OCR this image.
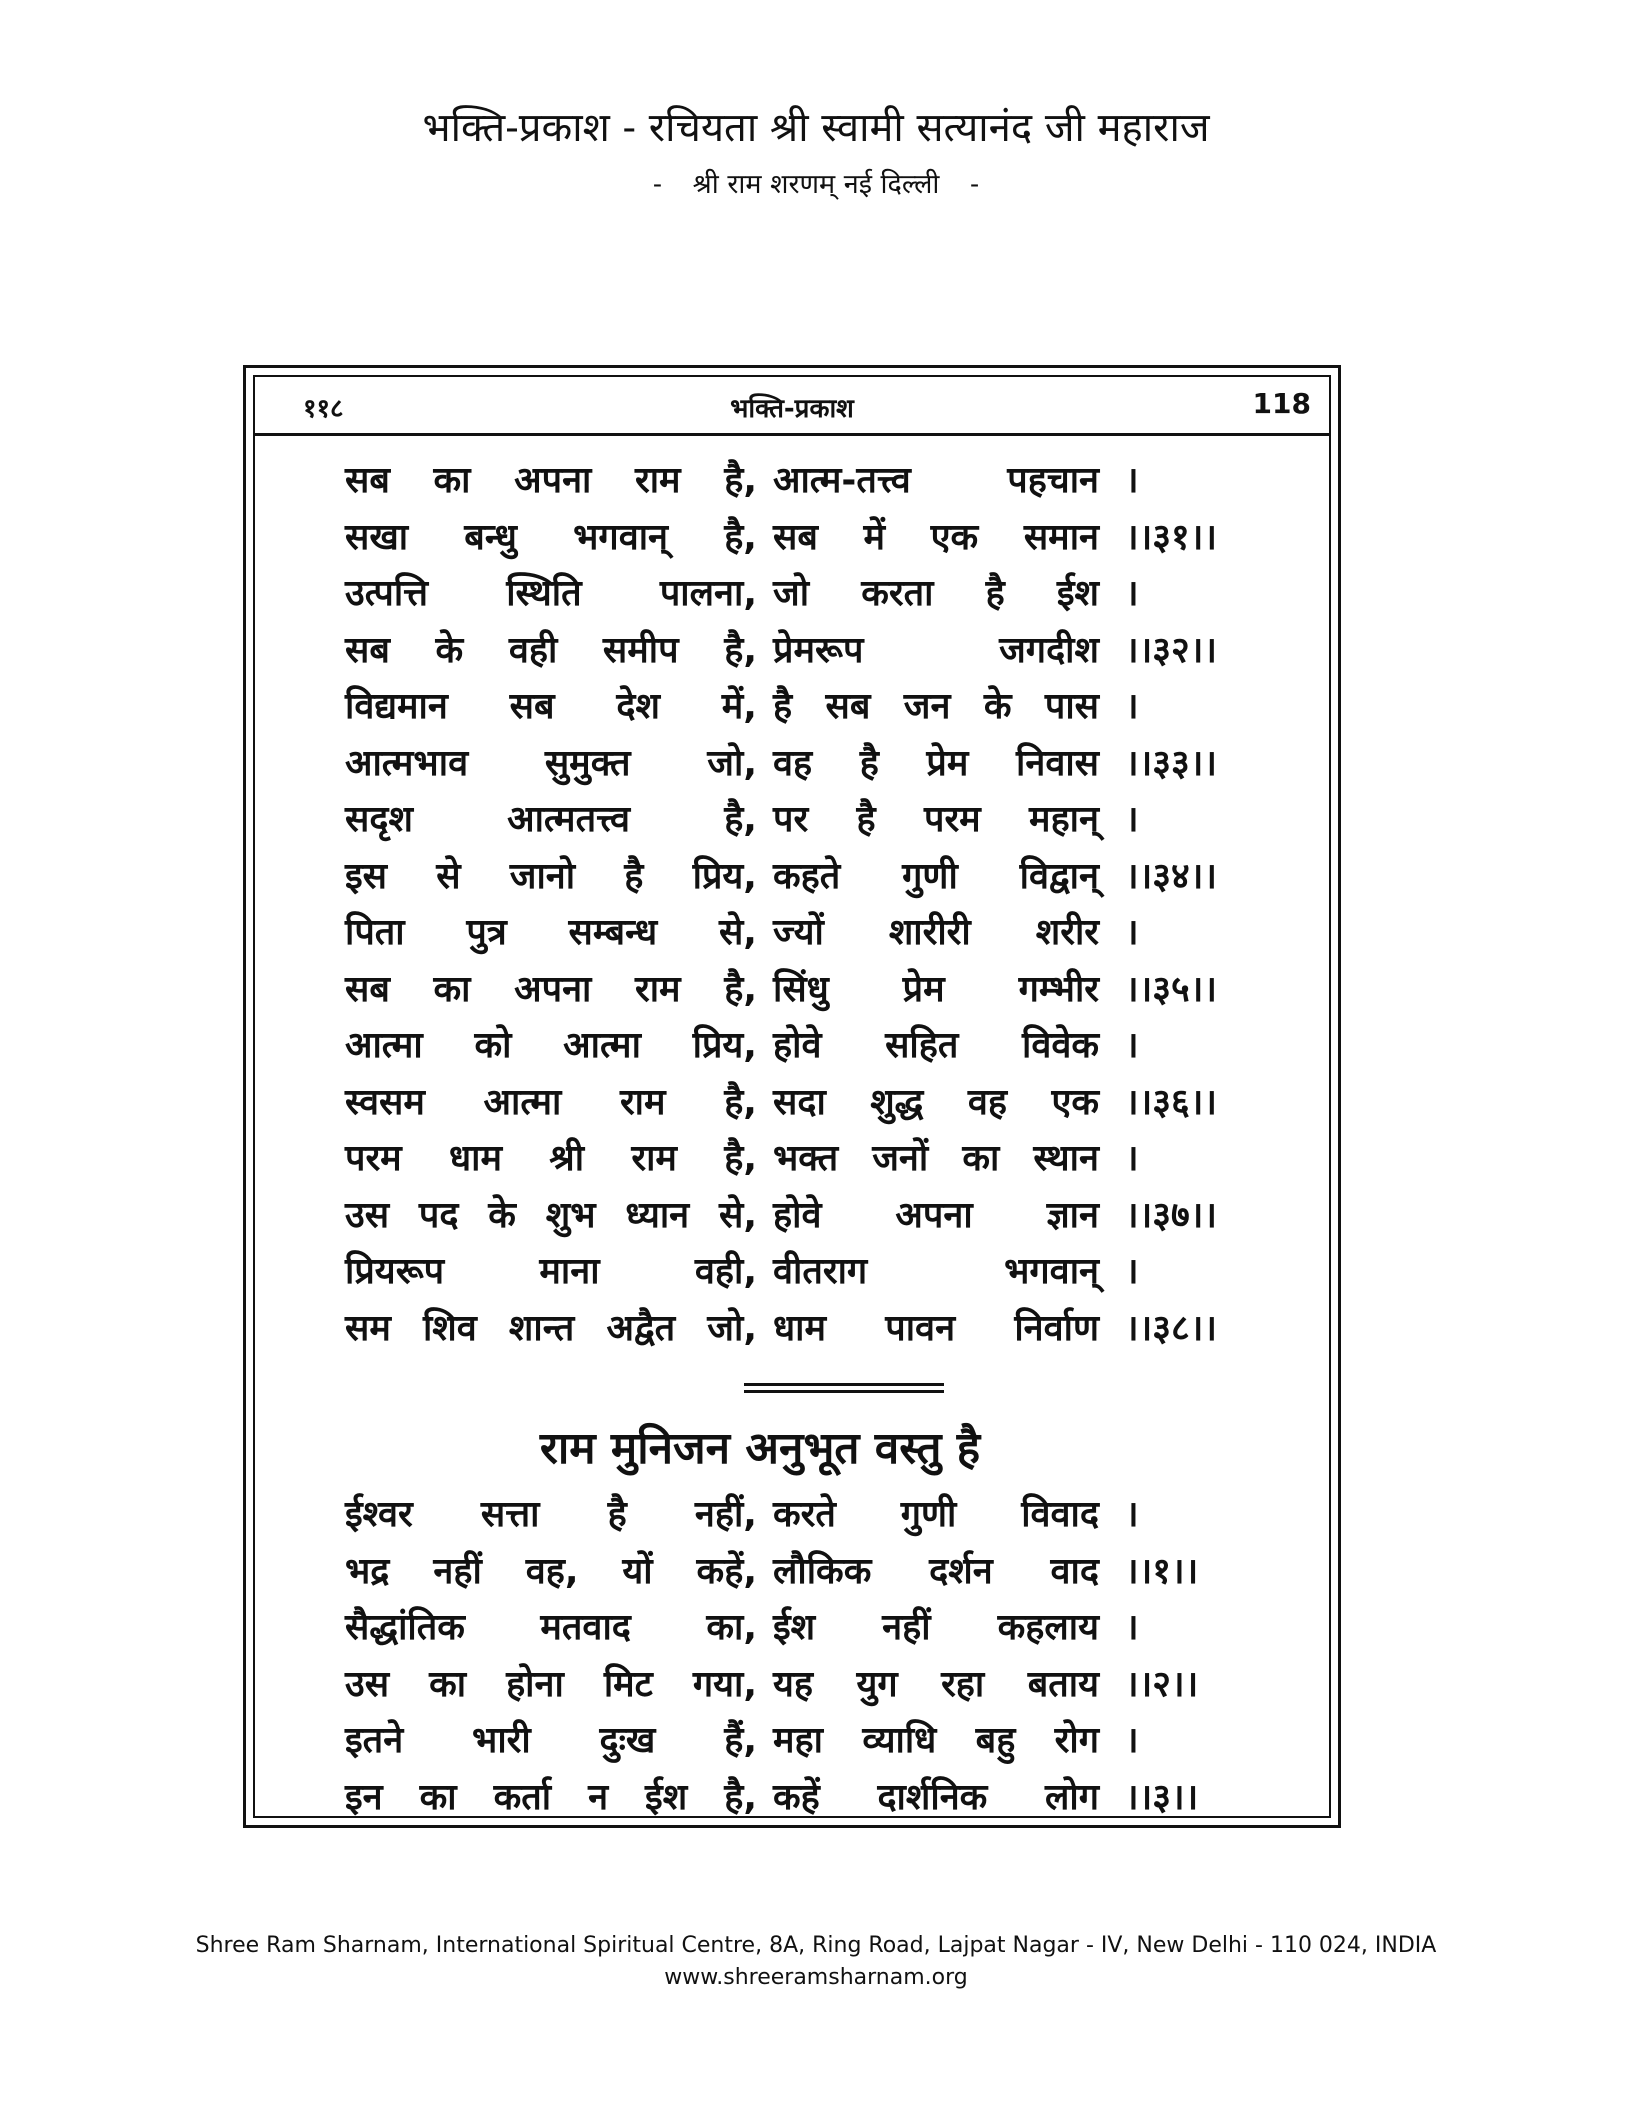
भक्ति-प्रकाश - रचियता श्री स्वामी सत्यानंद जी महाराज
- श्री राम शरणम् नई दिल्ली -
११८	भक्ति-प्रकाश	118
सब का अपना राम है, आत्म-तत्त्व पहचान ।
सखा बन्धु भगवान् है, सब में एक समान ।।३१।।
उत्पत्ति स्थिति पालना, जो करता है ईश ।
सब के वही समीप है, प्रेमरूप जगदीश ।।३२।।
विद्यमान सब देश में, है सब जन के पास ।
आत्मभाव सुमुक्त जो, वह है प्रेम निवास ।।३३।।
सदृश आत्मतत्त्व है, पर है परम महान् ।
इस से जानो है प्रिय, कहते गुणी विद्वान् ।।३४।।
पिता पुत्र सम्बन्ध से, ज्यों शारीरी शरीर ।
सब का अपना राम है, सिंधु प्रेम गम्भीर ।।३५।।
आत्मा को आत्मा प्रिय, होवे सहित विवेक ।
स्वसम आत्मा राम है, सदा शुद्ध वह एक ।।३६।।
परम धाम श्री राम है, भक्त जनों का स्थान ।
उस पद के शुभ ध्यान से, होवे अपना ज्ञान ।।३७।।
प्रियरूप माना वही, वीतराग भगवान् ।
सम शिव शान्त अद्वैत जो, धाम पावन निर्वाण ।।३८।।
राम मुनिजन अनुभूत वस्तु है
ईश्वर सत्ता है नहीं, करते गुणी विवाद ।
भद्र नहीं वह, यों कहें, लौकिक दर्शन वाद ।।१।।
सैद्धांतिक मतवाद का, ईश नहीं कहलाय ।
उस का होना मिट गया, यह युग रहा बताय ।।२।।
इतने भारी दुःख हैं, महा व्याधि बहु रोग ।
इन का कर्ता न ईश है, कहें दार्शनिक लोग ।।३।।
Shree Ram Sharnam, International Spiritual Centre, 8A, Ring Road, Lajpat Nagar - IV, New Delhi - 110 024, INDIA
www.shreeramsharnam.org
